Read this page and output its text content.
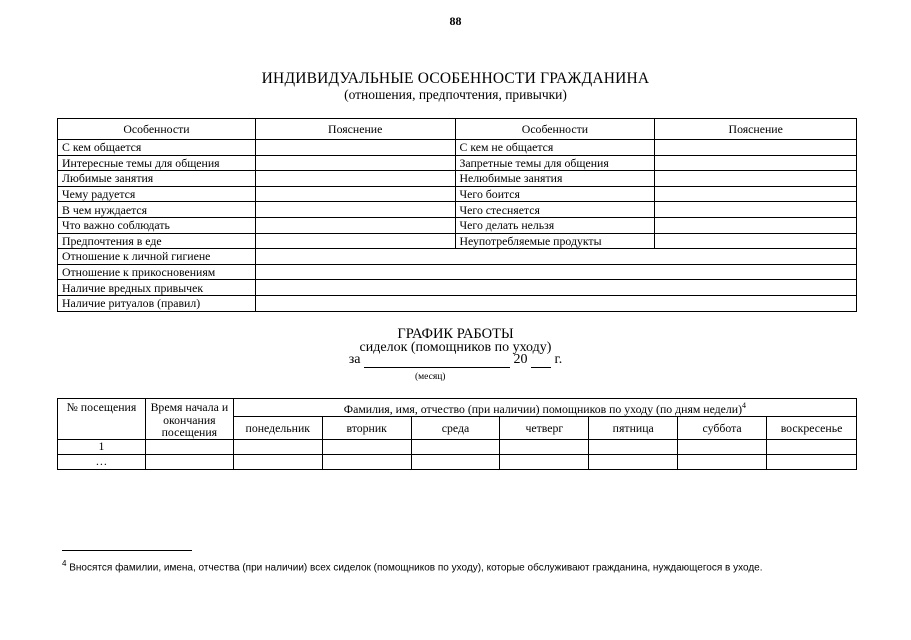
88
ИНДИВИДУАЛЬНЫЕ ОСОБЕННОСТИ ГРАЖДАНИНА
(отношения, предпочтения, привычки)
Особенности	Пояснение	Особенности	Пояснение
С кем общается		С кем не общается	
Интересные темы для общения		Запретные темы для общения	
Любимые занятия		Нелюбимые занятия	
Чему радуется		Чего боится	
В чем нуждается		Чего стесняется	
Что важно соблюдать		Чего делать нельзя	
Предпочтения в еде		Неупотребляемые продукты	
Отношение к личной гигиене			
Отношение к прикосновениям			
Наличие вредных привычек			
Наличие ритуалов (правил)			
ГРАФИК РАБОТЫ
сиделок (помощников по уходу)
за	20 г.
(месяц)
№ посещения	Время начала и окончания посещения	Фамилия, имя, отчество (при наличии) помощников по уходу (по дням недели)$^4$
		понедельник	вторник	среда	четверг	пятница	суббота	воскресенье
1								
…								
$^4$ Вносятся фамилии, имена, отчества (при наличии) всех сиделок (помощников по уходу), которые обслуживают гражданина, нуждающегося в уходе.
